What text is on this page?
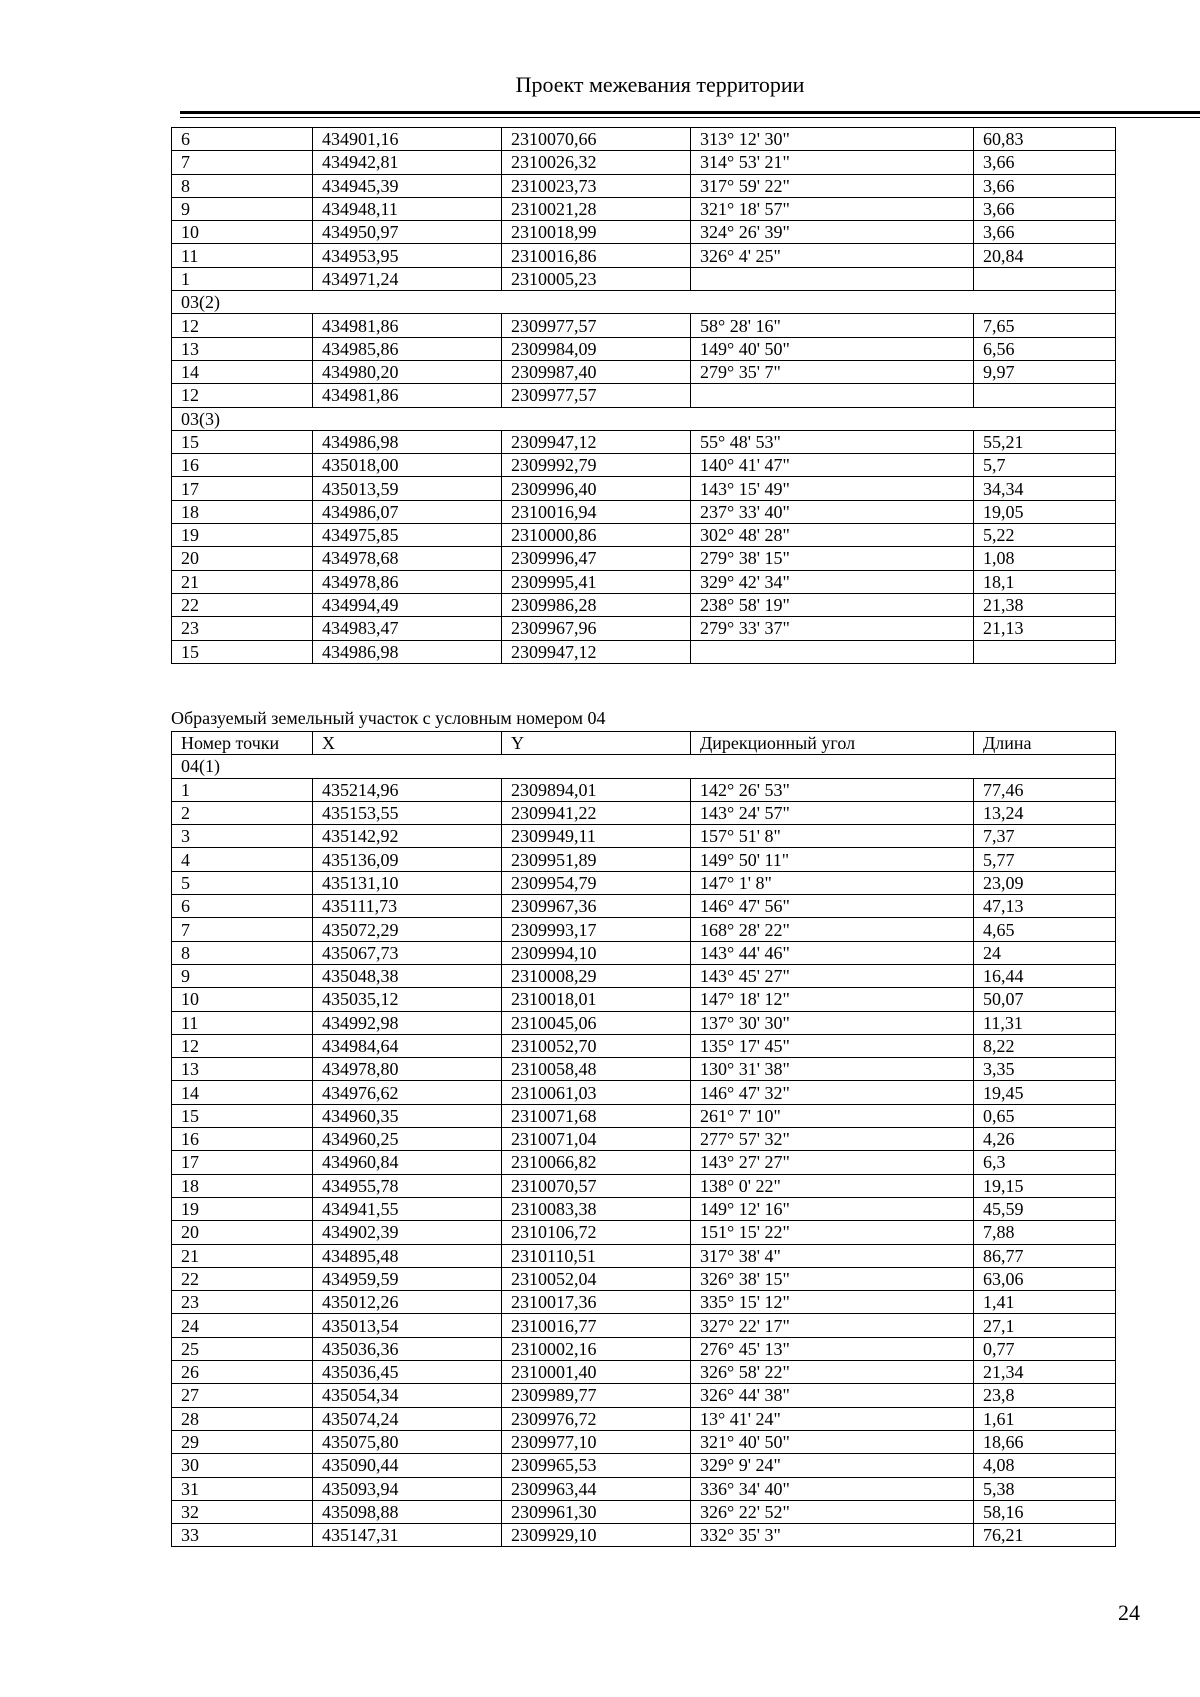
Проект межевания территории
6	434901,16	2310070,66	313° 12' 30"	60,83
7	434942,81	2310026,32	314° 53' 21"	3,66
8	434945,39	2310023,73	317° 59' 22"	3,66
9	434948,11	2310021,28	321° 18' 57"	3,66
10	434950,97	2310018,99	324° 26' 39"	3,66
11	434953,95	2310016,86	326° 4' 25"	20,84
1	434971,24	2310005,23		
03(2)				
12	434981,86	2309977,57	58° 28' 16"	7,65
13	434985,86	2309984,09	149° 40' 50"	6,56
14	434980,20	2309987,40	279° 35' 7"	9,97
12	434981,86	2309977,57		
03(3)				
15	434986,98	2309947,12	55° 48' 53"	55,21
16	435018,00	2309992,79	140° 41' 47"	5,7
17	435013,59	2309996,40	143° 15' 49"	34,34
18	434986,07	2310016,94	237° 33' 40"	19,05
19	434975,85	2310000,86	302° 48' 28"	5,22
20	434978,68	2309996,47	279° 38' 15"	1,08
21	434978,86	2309995,41	329° 42' 34"	18,1
22	434994,49	2309986,28	238° 58' 19"	21,38
23	434983,47	2309967,96	279° 33' 37"	21,13
15	434986,98	2309947,12		
Образуемый земельный участок с условным номером 04
Номер точки	X	Y	Дирекционный угол	Длина
04(1)				
1	435214,96	2309894,01	142° 26' 53"	77,46
2	435153,55	2309941,22	143° 24' 57"	13,24
3	435142,92	2309949,11	157° 51' 8"	7,37
4	435136,09	2309951,89	149° 50' 11"	5,77
5	435131,10	2309954,79	147° 1' 8"	23,09
6	435111,73	2309967,36	146° 47' 56"	47,13
7	435072,29	2309993,17	168° 28' 22"	4,65
8	435067,73	2309994,10	143° 44' 46"	24
9	435048,38	2310008,29	143° 45' 27"	16,44
10	435035,12	2310018,01	147° 18' 12"	50,07
11	434992,98	2310045,06	137° 30' 30"	11,31
12	434984,64	2310052,70	135° 17' 45"	8,22
13	434978,80	2310058,48	130° 31' 38"	3,35
14	434976,62	2310061,03	146° 47' 32"	19,45
15	434960,35	2310071,68	261° 7' 10"	0,65
16	434960,25	2310071,04	277° 57' 32"	4,26
17	434960,84	2310066,82	143° 27' 27"	6,3
18	434955,78	2310070,57	138° 0' 22"	19,15
19	434941,55	2310083,38	149° 12' 16"	45,59
20	434902,39	2310106,72	151° 15' 22"	7,88
21	434895,48	2310110,51	317° 38' 4"	86,77
22	434959,59	2310052,04	326° 38' 15"	63,06
23	435012,26	2310017,36	335° 15' 12"	1,41
24	435013,54	2310016,77	327° 22' 17"	27,1
25	435036,36	2310002,16	276° 45' 13"	0,77
26	435036,45	2310001,40	326° 58' 22"	21,34
27	435054,34	2309989,77	326° 44' 38"	23,8
28	435074,24	2309976,72	13° 41' 24"	1,61
29	435075,80	2309977,10	321° 40' 50"	18,66
30	435090,44	2309965,53	329° 9' 24"	4,08
31	435093,94	2309963,44	336° 34' 40"	5,38
32	435098,88	2309961,30	326° 22' 52"	58,16
33	435147,31	2309929,10	332° 35' 3"	76,21
24
